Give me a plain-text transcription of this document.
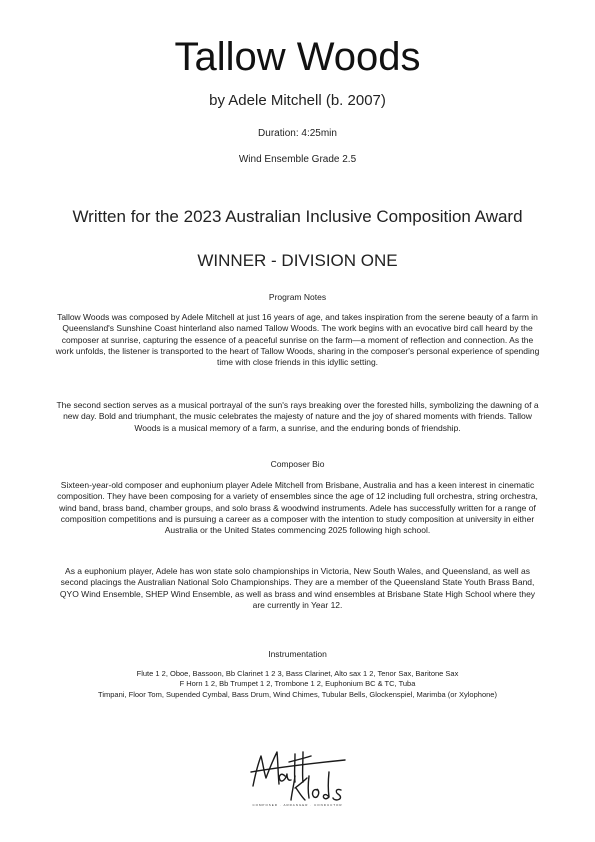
Tallow Woods
by Adele Mitchell (b. 2007)
Duration: 4:25min
Wind Ensemble Grade 2.5
Written for the 2023 Australian Inclusive Composition Award
WINNER - DIVISION ONE
Program Notes
Tallow Woods was composed by Adele Mitchell at just 16 years of age, and takes inspiration from the serene beauty of a farm in Queensland's Sunshine Coast hinterland also named Tallow Woods. The work begins with an evocative bird call heard by the composer at sunrise, capturing the essence of a peaceful sunrise on the farm—a moment of reflection and connection. As the work unfolds, the listener is transported to the heart of Tallow Woods, sharing in the composer's personal experience of spending time with close friends in this idyllic setting.
The second section serves as a musical portrayal of the sun's rays breaking over the forested hills, symbolizing the dawning of a new day. Bold and triumphant, the music celebrates the majesty of nature and the joy of shared moments with friends. Tallow Woods is a musical memory of a farm, a sunrise, and the enduring bonds of friendship.
Composer Bio
Sixteen-year-old composer and euphonium player Adele Mitchell from Brisbane, Australia and has a keen interest in cinematic composition. They have been composing for a variety of ensembles since the age of 12 including full orchestra, string orchestra, wind band, brass band, chamber groups, and solo brass & woodwind instruments. Adele has successfully written for a range of composition competitions and is pursuing a career as a composer with the intention to study composition at university in either Australia or the United States commencing 2025 following high school.
As a euphonium player, Adele has won state solo championships in Victoria, New South Wales, and Queensland, as well as second placings the Australian National Solo Championships. They are a member of the Queensland State Youth Brass Band, QYO Wind Ensemble, SHEP Wind Ensemble, as well as brass and wind ensembles at Brisbane State High School where they are currently in Year 12.
Instrumentation
Flute 1 2, Oboe, Bassoon, Bb Clarinet 1 2 3, Bass Clarinet, Alto sax 1 2, Tenor Sax, Baritone Sax
F Horn 1 2, Bb Trumpet 1 2, Trombone 1 2, Euphonium BC & TC, Tuba
Timpani, Floor Tom, Supended Cymbal, Bass Drum, Wind Chimes, Tubular Bells, Glockenspiel, Marimba (or Xylophone)
COMPOSER · ARRANGER · CONDUCTOR
